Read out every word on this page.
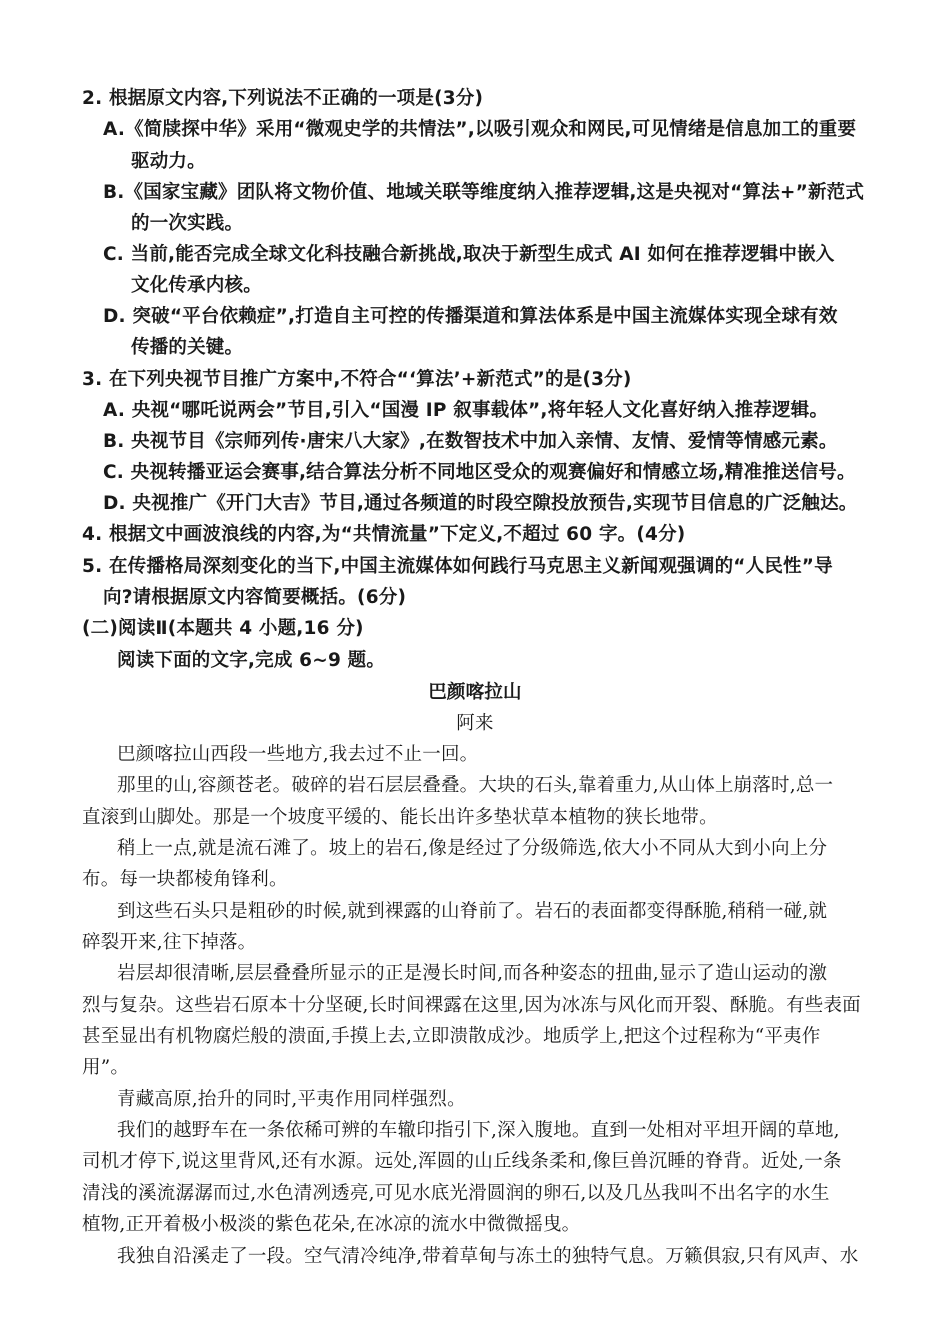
2. 根据原文内容,下列说法不正确的一项是(3分)
A.《简牍探中华》采用“微观史学的共情法”,以吸引观众和网民,可见情绪是信息加工的重要
驱动力。
B.《国家宝藏》团队将文物价值、地域关联等维度纳入推荐逻辑,这是央视对“算法+”新范式
的一次实践。
C. 当前,能否完成全球文化科技融合新挑战,取决于新型生成式 AI 如何在推荐逻辑中嵌入
文化传承内核。
D. 突破“平台依赖症”,打造自主可控的传播渠道和算法体系是中国主流媒体实现全球有效
传播的关键。
3. 在下列央视节目推广方案中,不符合“‘算法’+新范式”的是(3分)
A. 央视“哪吒说两会”节目,引入“国漫 IP 叙事载体”,将年轻人文化喜好纳入推荐逻辑。
B. 央视节目《宗师列传·唐宋八大家》,在数智技术中加入亲情、友情、爱情等情感元素。
C. 央视转播亚运会赛事,结合算法分析不同地区受众的观赛偏好和情感立场,精准推送信号。
D. 央视推广《开门大吉》节目,通过各频道的时段空隙投放预告,实现节目信息的广泛触达。
4. 根据文中画波浪线的内容,为“共情流量”下定义,不超过 60 字。(4分)
5. 在传播格局深刻变化的当下,中国主流媒体如何践行马克思主义新闻观强调的“人民性”导
向?请根据原文内容简要概括。(6分)
(二)阅读Ⅱ(本题共 4 小题,16 分)
阅读下面的文字,完成 6~9 题。
巴颜喀拉山
阿来
巴颜喀拉山西段一些地方,我去过不止一回。
那里的山,容颜苍老。破碎的岩石层层叠叠。大块的石头,靠着重力,从山体上崩落时,总一
直滚到山脚处。那是一个坡度平缓的、能长出许多垫状草本植物的狭长地带。
稍上一点,就是流石滩了。坡上的岩石,像是经过了分级筛选,依大小不同从大到小向上分
布。每一块都棱角锋利。
到这些石头只是粗砂的时候,就到裸露的山脊前了。岩石的表面都变得酥脆,稍稍一碰,就
碎裂开来,往下掉落。
岩层却很清晰,层层叠叠所显示的正是漫长时间,而各种姿态的扭曲,显示了造山运动的激
烈与复杂。这些岩石原本十分坚硬,长时间裸露在这里,因为冰冻与风化而开裂、酥脆。有些表面
甚至显出有机物腐烂般的溃面,手摸上去,立即溃散成沙。地质学上,把这个过程称为“平夷作
用”。
青藏高原,抬升的同时,平夷作用同样强烈。
我们的越野车在一条依稀可辨的车辙印指引下,深入腹地。直到一处相对平坦开阔的草地,
司机才停下,说这里背风,还有水源。远处,浑圆的山丘线条柔和,像巨兽沉睡的脊背。近处,一条
清浅的溪流潺潺而过,水色清冽透亮,可见水底光滑圆润的卵石,以及几丛我叫不出名字的水生
植物,正开着极小极淡的紫色花朵,在冰凉的流水中微微摇曳。
我独自沿溪走了一段。空气清冷纯净,带着草甸与冻土的独特气息。万籁俱寂,只有风声、水
